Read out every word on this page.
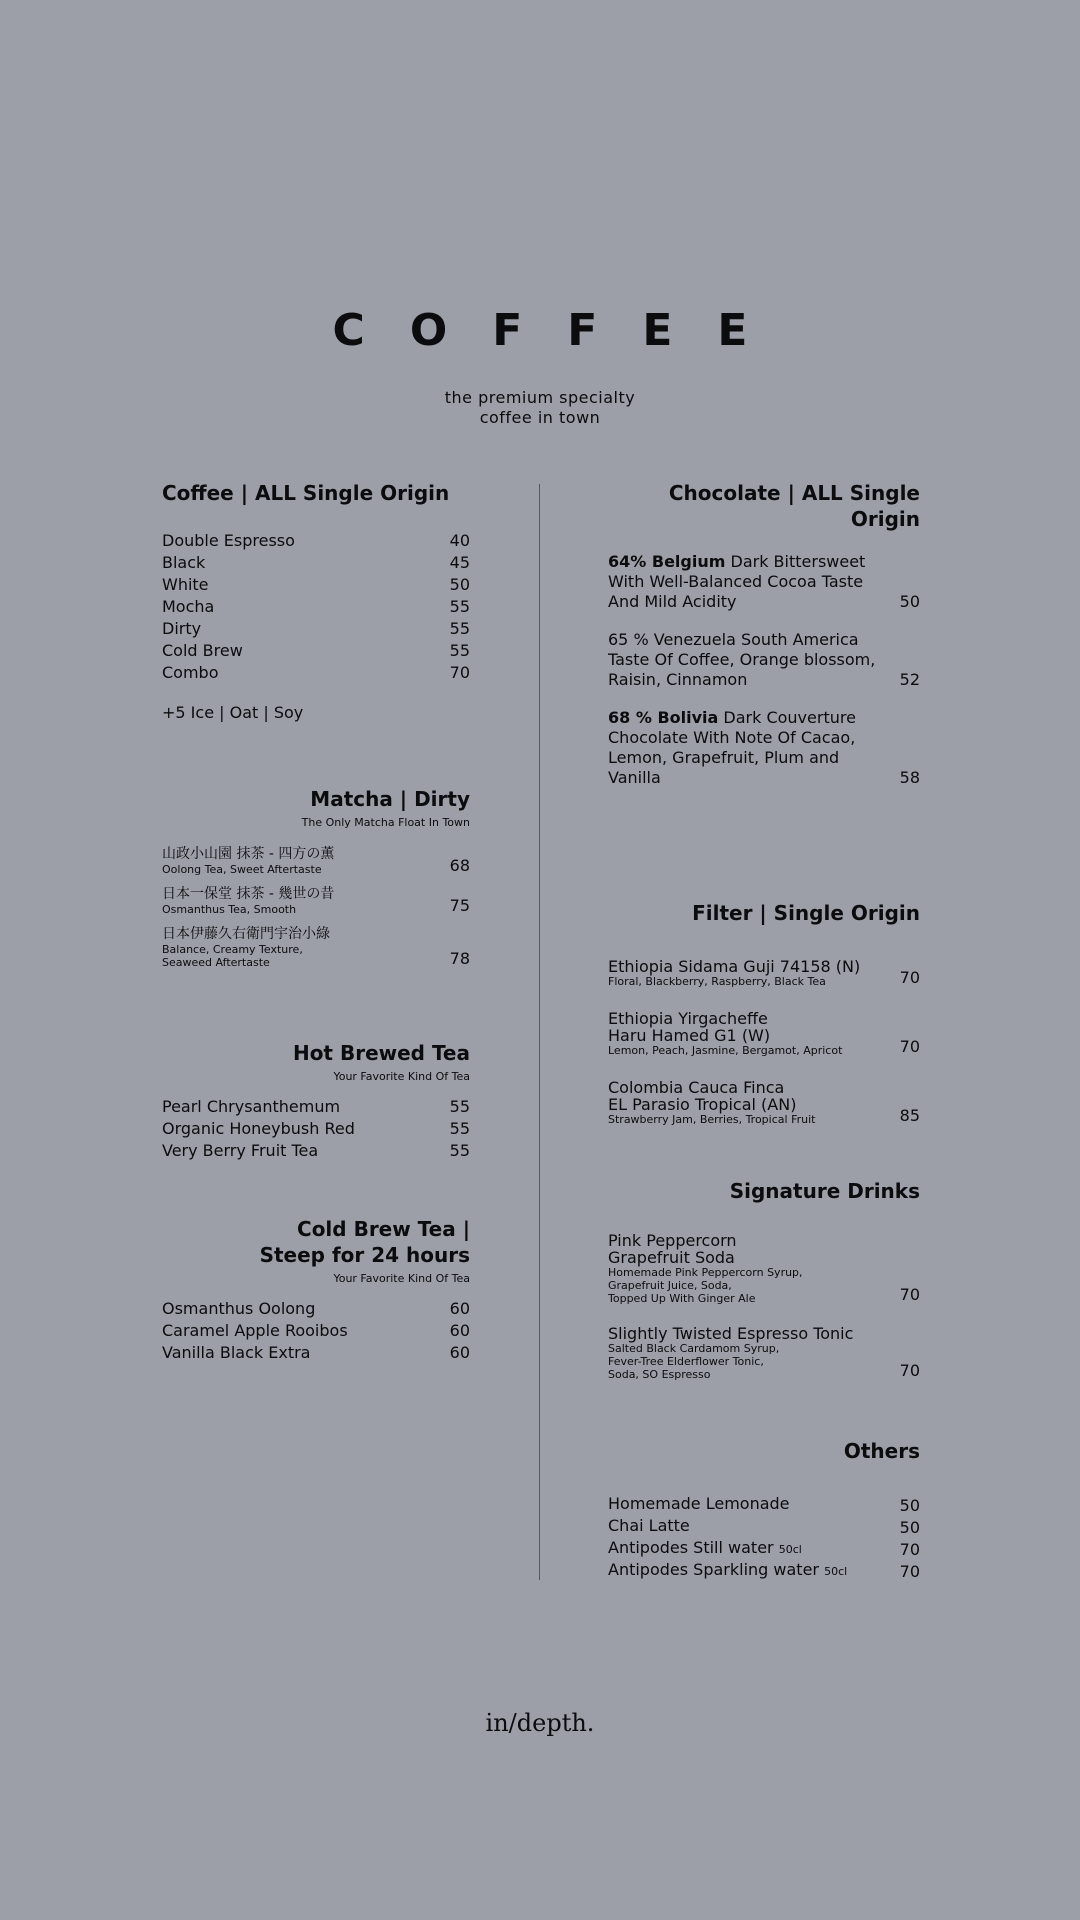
COFFEE
the premium specialty
coffee in town
Coffee | ALL Single Origin
Double Espresso	40
Black	45
White	50
Mocha	55
Dirty	55
Cold Brew	55
Combo	70
+5 Ice | Oat | Soy
Matcha | Dirty
The Only Matcha Float In Town
山政小山園 抹茶 - 四方の薫
Oolong Tea, Sweet Aftertaste	68
日本一保堂 抹茶 - 幾世の昔
Osmanthus Tea, Smooth	75
日本伊藤久右衛門宇治小綠
Balance, Creamy Texture,
Seaweed Aftertaste	78
Hot Brewed Tea
Your Favorite Kind Of Tea
Pearl Chrysanthemum	55
Organic Honeybush Red	55
Very Berry Fruit Tea	55
Cold Brew Tea |
Steep for 24 hours
Your Favorite Kind Of Tea
Osmanthus Oolong	60
Caramel Apple Rooibos	60
Vanilla Black Extra	60
Chocolate | ALL Single
Origin
64% Belgium Dark Bittersweet With Well-Balanced Cocoa Taste And Mild Acidity	50
65 % Venezuela South America Taste Of Coffee, Orange blossom, Raisin, Cinnamon	52
68 % Bolivia Dark Couverture Chocolate With Note Of Cacao, Lemon, Grapefruit, Plum and Vanilla	58
Filter | Single Origin
Ethiopia Sidama Guji 74158 (N)
Floral, Blackberry, Raspberry, Black Tea	70
Ethiopia Yirgacheffe
Haru Hamed G1 (W)
Lemon, Peach, Jasmine, Bergamot, Apricot	70
Colombia Cauca Finca
EL Parasio Tropical (AN)
Strawberry Jam, Berries, Tropical Fruit	85
Signature Drinks
Pink Peppercorn
Grapefruit Soda
Homemade Pink Peppercorn Syrup,
Grapefruit Juice, Soda,
Topped Up With Ginger Ale	70
Slightly Twisted Espresso Tonic
Salted Black Cardamom Syrup,
Fever-Tree Elderflower Tonic,
Soda, SO Espresso	70
Others
Homemade Lemonade	50
Chai Latte	50
Antipodes Still water 50cl	70
Antipodes Sparkling water 50cl	70
in/depth.
